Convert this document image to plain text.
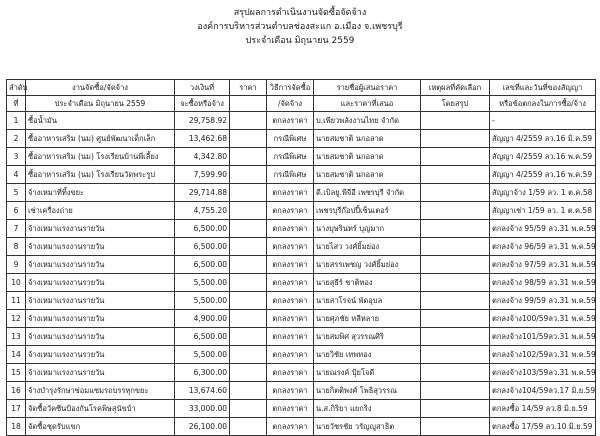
สรุปผลการดำเนินงานจัดซื้อจัดจ้าง
องค์การบริหารส่วนตำบลช่องสะแก อ.เมือง จ.เพชรบุรี
ประจำเดือน มิถุนายน 2559
ลำดับ	งานจัดซื้อ/จัดจ้าง	วงเงินที่	ราคา	วิธีการจัดซื้อ	รายชื่อผู้เสนอราคา	เหตุผลที่คัดเลือก	เลขที่และวันที่ของสัญญา
ที่	ประจำเดือน มิถุนายน 2559	จะซื้อหรือจ้าง		/จัดจ้าง	และราคาที่เสนอ	โดยสรุป	หรือข้อตกลงในการซื้อ/จ้าง
1	ซื้อน้ำมัน	29,758.92		ตกลงราคา	บ.เพียวพลังงานไทย จำกัด		-
2	ซื้ออาหารเสริม (นม) ศูนย์พัฒนาเด็กเล็ก	13,462.68		กรณีพิเศษ	นายสมชาติ นกอลาด		สัญญา 4/2559 ลว.16 มิ.ค.59
3	ซื้ออาหารเสริม (นม) โรงเรียนบ้านพี่เลี้ยง	4,342.80		กรณีพิเศษ	นายสมชาติ นกอลาด		สัญญา 4/2559 ลว.16 พ.ค.59
4	ซื้ออาหารเสริม (นม) โรงเรียนวัดพระรูป	7,599.90		กรณีพิเศษ	นายสมชาติ นกอลาด		สัญญา 4/2559 ลว.16 พ.ค.59
5	จ้างเหมาที่ทิ้งขยะ	29,714.88		ตกลงราคา	ดี.เบิลยู.พีจีอี เพชรบุรี จำกัด		สัญญาจ้าง 1/59 ลว. 1 ต.ค.58
6	เช่าเครื่องถ่าย	4,755.20		ตกลงราคา	เพชรบุรีก๊อปปี้เซ็นเตอร์		สัญญาเช่า 1/59 ลว. 1 ต.ค.58
7	จ้างเหมาแรงงานรายวัน	6,500.00		ตกลงราคา	นางบุษรินทร์ บุญมาก		ตกลงจ้าง 95/59 ลว.31 พ.ค.59
8	จ้างเหมาแรงงานรายวัน	6,500.00		ตกลงราคา	นายไสว วงศ์ยิ้มย่อง		ตกลงจ้าง 96/59 ลว.31 พ.ค.59
9	จ้างเหมาแรงงานรายวัน	6,500.00		ตกลงราคา	นายสรรเพชญ วงศ์ยิ้มย่อง		ตกลงจ้าง 97/59 ลว.31 พ.ค.59
10	จ้างเหมาแรงงานรายวัน	5,500.00		ตกลงราคา	นายสุธีร์ ชาติทอง		ตกลงจ้าง 98/59 ลว.31 พ.ค.59
11	จ้างเหมาแรงงานรายวัน	5,500.00		ตกลงราคา	นายสาโรจน์ พัดอุบล		ตกลงจ้าง 99/59 ลว.31 พ.ค.59
12	จ้างเหมาแรงงานรายวัน	4,900.00		ตกลงราคา	นายศุภชัย หลีหลาย		ตกลงจ้าง100/59ลว.31 พ.ค.59
13	จ้างเหมาแรงงานรายวัน	6,500.00		ตกลงราคา	นายสมพิศ สุวรรณศิริ		ตกลงจ้าง101/59ลว.31 พ.ค.59
14	จ้างเหมาแรงงานรายวัน	5,500.00		ตกลงราคา	นายวิชัย เทพทอง		ตกลงจ้าง102/59ลว.31 พ.ค.59
15	จ้างเหมาแรงงานรายวัน	6,300.00		ตกลงราคา	นายณรงค์ ปุ้ยโจดี		ตกลงจ้าง103/59ลว.31 พ.ค.59
16	จ้างบำรุงรักษาซ่อมแซมรถบรรทุกขยะ	13,674.60		ตกลงราคา	นายกิตติพงศ์ โพธิสุวรรณ		ตกลงจ้าง104/59ลว.17 มิ.ย.59
17	จัดซื้อวัคซีนป้องกันโรคพิษสุนัขบ้า	33,000.00		ตกลงราคา	น.ส.กิริยา แยกริง		ตกลงซื้อ 14/59 ลว.8 มิ.ย.59
18	จัดซื้อชุดรับแขก	26,100.00		ตกลงราคา	นายวัชรชัย วรัญญูสาธิต		ตกลงซื้อ 17/59 ลว.10 มิ.ย.59
